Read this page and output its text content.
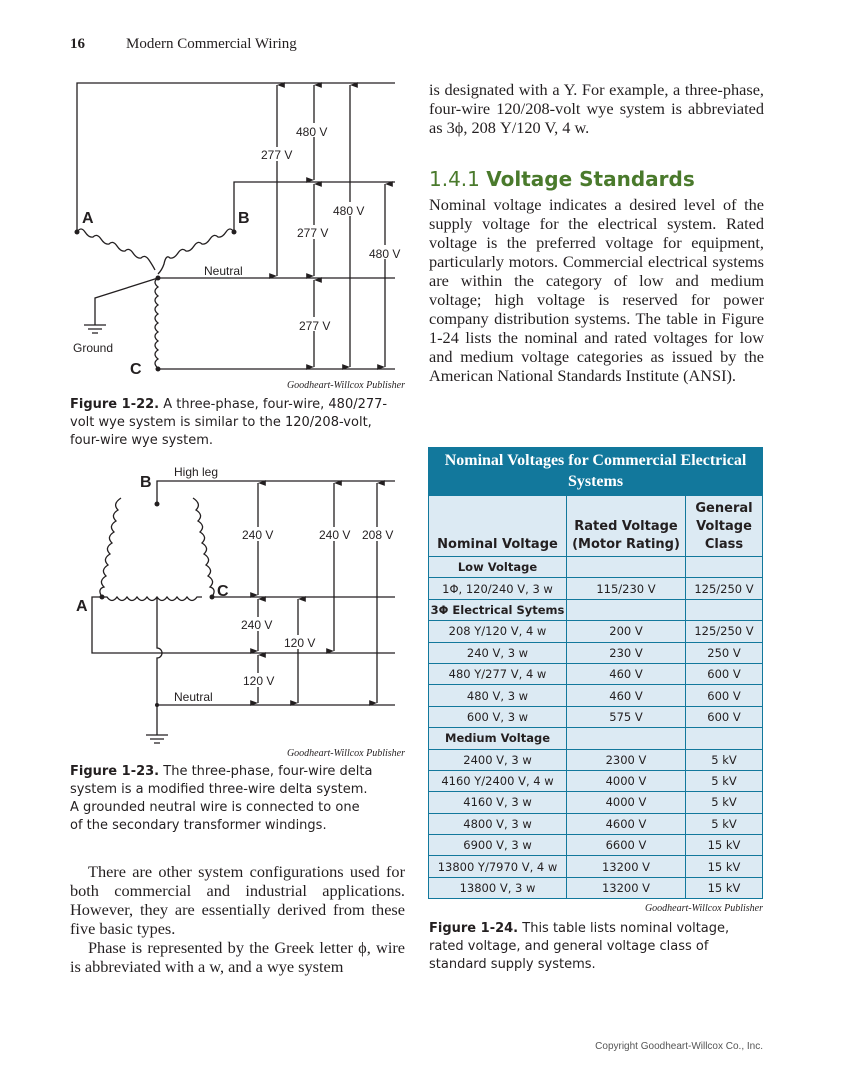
16	Modern Commercial Wiring
480 V
277 V
480 V
277 V
480 V
277 V
A	B
C
Neutral
Ground
240 V	240 V 208 V
240 V
120 V
120 V
B
A
C
High leg
Neutral
Goodheart-Willcox Publisher
Figure 1-22. A three-phase, four-wire, 480/277-volt wye system is similar to the 120/208-volt, four-wire wye system.
Goodheart-Willcox Publisher
Figure 1-23. The three-phase, four-wire delta system is a modified three-wire delta system. A grounded neutral wire is connected to one of the secondary transformer windings.
There are other system configurations used for both commercial and industrial applications. However, they are essentially derived from these five basic types.
Phase is represented by the Greek letter ϕ, wire is abbreviated with a w, and a wye system
is designated with a Y. For example, a three-phase, four-wire 120/208-volt wye system is abbreviated as 3ϕ, 208 Y/120 V, 4 w.
1.4.1 Voltage Standards
Nominal voltage indicates a desired level of the supply voltage for the electrical system. Rated voltage is the preferred voltage for equipment, particularly motors. Commercial electrical systems are within the category of low and medium voltage; high voltage is reserved for power company distribution systems. The table in Figure 1-24 lists the nominal and rated voltages for low and medium voltage categories as issued by the American National Standards Institute (ANSI).
Nominal Voltages for Commercial Electrical Systems
Nominal Voltage	Rated Voltage (Motor Rating)	General Voltage Class
Low Voltage		
1Φ, 120/240 V, 3 w	115/230 V	125/250 V
3Φ Electrical Sytems		
208 Y/120 V, 4 w	200 V	125/250 V
240 V, 3 w	230 V	250 V
480 Y/277 V, 4 w	460 V	600 V
480 V, 3 w	460 V	600 V
600 V, 3 w	575 V	600 V
Medium Voltage		
2400 V, 3 w	2300 V	5 kV
4160 Y/2400 V, 4 w	4000 V	5 kV
4160 V, 3 w	4000 V	5 kV
4800 V, 3 w	4600 V	5 kV
6900 V, 3 w	6600 V	15 kV
13800 Y/7970 V, 4 w	13200 V	15 kV
13800 V, 3 w	13200 V	15 kV
Goodheart-Willcox Publisher
Figure 1-24. This table lists nominal voltage, rated voltage, and general voltage class of standard supply systems.
Copyright Goodheart-Willcox Co., Inc.
